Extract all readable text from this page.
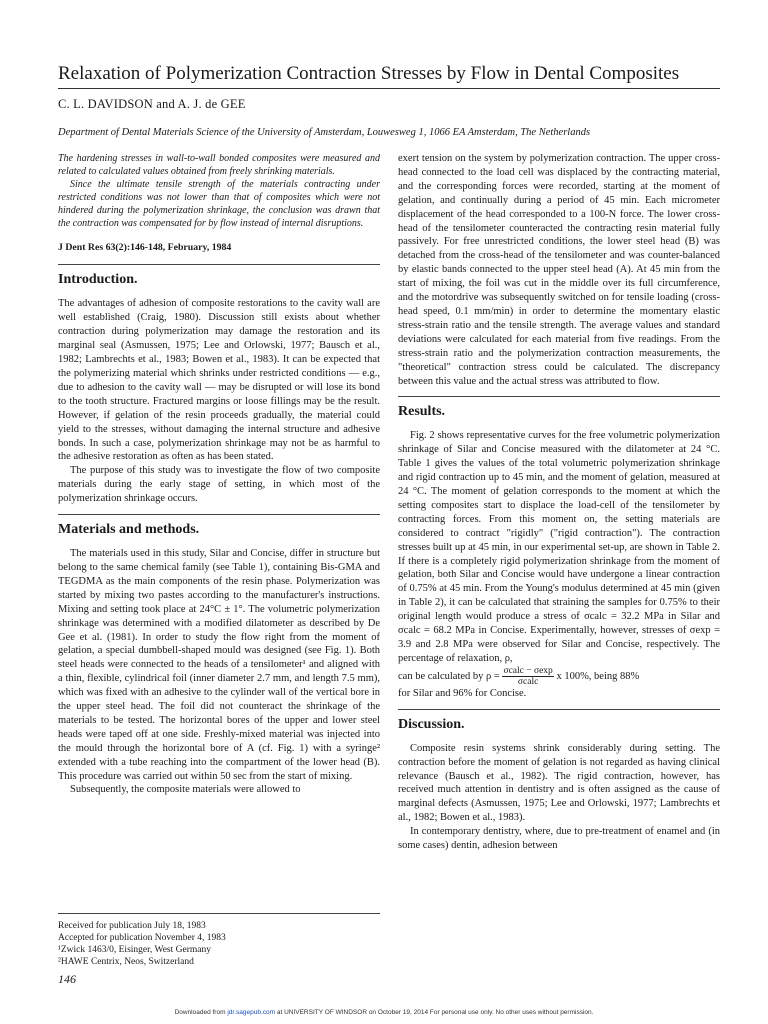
Relaxation of Polymerization Contraction Stresses by Flow in Dental Composites
C. L. DAVIDSON and A. J. de GEE
Department of Dental Materials Science of the University of Amsterdam, Louwesweg 1, 1066 EA Amsterdam, The Netherlands

The hardening stresses in wall-to-wall bonded composites were measured and related to calculated values obtained from freely shrinking materials.

Since the ultimate tensile strength of the materials contracting under restricted conditions was not lower than that of composites which were not hindered during the polymerization shrinkage, the conclusion was drawn that the contraction was compensated for by flow instead of internal disruptions.

J Dent Res 63(2):146-148, February, 1984
Introduction.

The advantages of adhesion of composite restorations to the cavity wall are well established (Craig, 1980). Discussion still exists about whether contraction during polymerization may damage the restoration and its marginal seal (Asmussen, 1975; Lee and Orlowski, 1977; Bausch et al., 1982; Lambrechts et al., 1983; Bowen et al., 1983). It can be expected that the polymerizing material which shrinks under restricted conditions — e.g., due to adhesion to the cavity wall — may be disrupted or will lose its bond to the tooth structure. Fractured margins or loose fillings may be the result. However, if gelation of the resin proceeds gradually, the material could yield to the stresses, without damaging the internal structure and adhesive bonds. In such a case, polymerization shrinkage may not be as harmful to the adhesive restoration as often as has been stated.

The purpose of this study was to investigate the flow of two composite materials during the early stage of setting, in which most of the polymerization shrinkage occurs.

Materials and methods.

The materials used in this study, Silar and Concise, differ in structure but belong to the same chemical family (see Table 1), containing Bis-GMA and TEGDMA as the main components of the resin phase. Polymerization was started by mixing two pastes according to the manufacturer's instructions. Mixing and setting took place at 24°C ± 1°. The volumetric polymerization shrinkage was determined with a modified dilatometer as described by De Gee et al. (1981). In order to study the flow right from the moment of gelation, a special dumbbell-shaped mould was designed (see Fig. 1). Both steel heads were connected to the heads of a tensilometer¹ and aligned with a thin, flexible, cylindrical foil (inner diameter 2.7 mm, and length 7.5 mm), which was fixed with an adhesive to the cylinder wall of the vertical bore in the upper steel head. The foil did not counteract the shrinkage of the materials to be tested. The horizontal bores of the upper and lower steel heads were taped off at one side. Freshly-mixed material was injected into the mould through the horizontal bore of A (cf. Fig. 1) with a syringe² extended with a tube reaching into the compartment of the lower head (B). This procedure was carried out within 50 sec from the start of mixing.

Subsequently, the composite materials were allowed to

exert tension on the system by polymerization contraction. The upper cross-head connected to the load cell was displaced by the contracting material, and the corresponding forces were recorded, starting at the moment of gelation, and continually during a period of 45 min. Each micrometer displacement of the head corresponded to a 100-N force. The lower cross-head of the tensilometer counteracted the contracting resin material fully passively. For free unrestricted conditions, the lower steel head (B) was detached from the cross-head of the tensilometer and was counter-balanced by elastic bands connected to the upper steel head (A). At 45 min from the start of mixing, the foil was cut in the middle over its full circumference, and the motordrive was subsequently switched on for tensile loading (cross-head speed, 0.1 mm/min) in order to determine the momentary elastic stress-strain ratio and the tensile strength. The average values and standard deviations were calculated for each material from five readings. From the stress-strain ratio and the polymerization contraction measurements, the "theoretical" contraction stress could be calculated. The discrepancy between this value and the actual stress was attributed to flow.

Results.

Fig. 2 shows representative curves for the free volumetric polymerization shrinkage of Silar and Concise measured with the dilatometer at 24 °C. Table 1 gives the values of the total volumetric polymerization shrinkage and rigid contraction up to 45 min, and the moment of gelation, measured at 24 °C. The moment of gelation corresponds to the moment at which the setting composites start to displace the load-cell of the tensilometer by contracting forces. From this moment on, the setting materials are considered to contract "rigidly" ("rigid contraction"). The contraction stresses built up at 45 min, in our experimental set-up, are shown in Table 2. If there is a completely rigid polymerization shrinkage from the moment of gelation, both Silar and Concise would have undergone a linear contraction of 0.75% at 45 min. From the Young's modulus determined at 45 min (given in Table 2), it can be calculated that straining the samples for 0.75% to their original length would produce a stress of σcalc = 32.2 MPa in Silar and σcalc = 68.2 MPa in Concise. Experimentally, however, stresses of σexp = 3.9 and 2.8 MPa were observed for Silar and Concise, respectively. The percentage of relaxation, ρ,

can be calculated by $\rho = \frac{\text{σcalc − σexp}}{\text{σcalc}}$ x 100%, being 88%

for Silar and 96% for Concise.

Discussion.

Composite resin systems shrink considerably during setting. The contraction before the moment of gelation is not regarded as having clinical relevance (Bausch et al., 1982). The rigid contraction, however, has received much attention in dentistry and is often assigned as the cause of marginal defects (Asmussen, 1975; Lee and Orlowski, 1977; Lambrechts et al., 1982; Bowen et al., 1983).

In contemporary dentistry, where, due to pre-treatment of enamel and (in some cases) dentin, adhesion between

Received for publication July 18, 1983
Accepted for publication November 4, 1983
¹Zwick 1463/0, Eisinger, West Germany
²HAWE Centrix, Neos, Switzerland
146
Downloaded from jdr.sagepub.com at UNIVERSITY OF WINDSOR on October 19, 2014 For personal use only. No other uses without permission.
